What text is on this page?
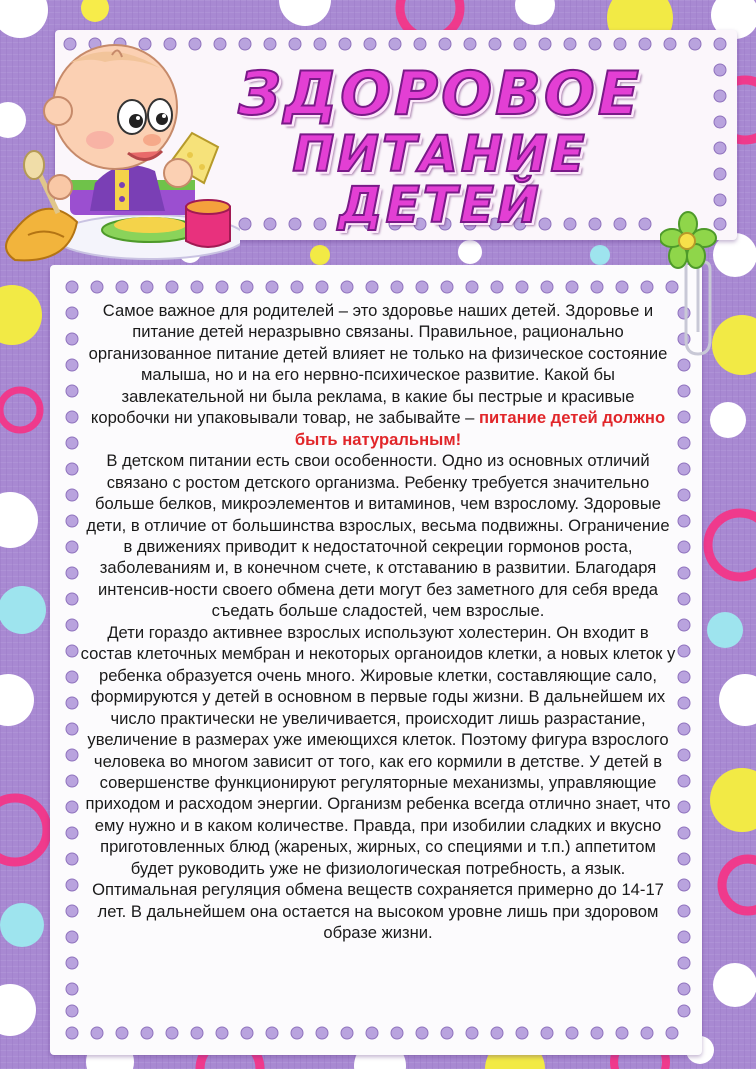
ЗДОРОВОЕ
ПИТАНИЕ ДЕТЕЙ

Самое важное для родителей – это здоровье наших детей. Здоровье и питание детей неразрывно связаны. Правильное, рационально организованное питание детей влияет не только на физическое состояние малыша, но и на его нервно-психическое развитие. Какой бы завлекательной ни была реклама, в какие бы пестрые и красивые коробочки ни упаковывали товар, не забывайте – питание детей должно быть натуральным!

В детском питании есть свои особенности. Одно из основных отличий связано с ростом детского организма. Ребенку требуется значительно больше белков, микроэлементов и витаминов, чем взрослому. Здоровые дети, в отличие от большинства взрослых, весьма подвижны. Ограничение в движениях приводит к недостаточной секреции гормонов роста, заболеваниям и, в конечном счете, к отставанию в развитии. Благодаря интенсив-ности своего обмена дети могут без заметного для себя вреда съедать больше сладостей, чем взрослые.

Дети гораздо активнее взрослых используют холестерин. Он входит в состав клеточных мембран и некоторых органоидов клетки, а новых клеток у ребенка образуется очень много. Жировые клетки, составляющие сало, формируются у детей в основном в первые годы жизни. В дальнейшем их число практически не увеличивается, происходит лишь разрастание, увеличение в размерах уже имеющихся клеток. Поэтому фигура взрослого человека во многом зависит от того, как его кормили в детстве. У детей в совершенстве функционируют регуляторные механизмы, управляющие приходом и расходом энергии. Организм ребенка всегда отлично знает, что ему нужно и в каком количестве. Правда, при изобилии сладких и вкусно приготовленных блюд (жареных, жирных, со специями и т.п.) аппетитом будет руководить уже не физиологическая потребность, а язык. Оптимальная регуляция обмена веществ сохраняется примерно до 14-17 лет. В дальнейшем она остается на высоком уровне лишь при здоровом образе жизни.
